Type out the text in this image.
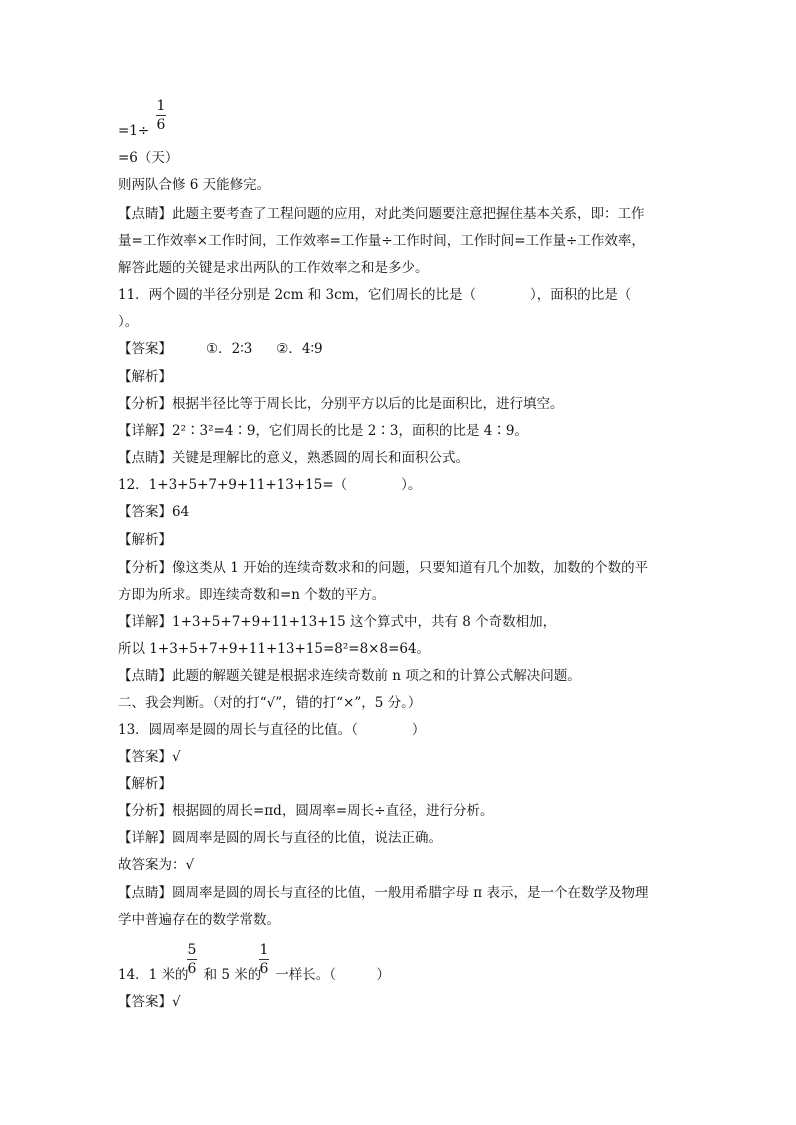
1
6
=1÷
=6（天）
则两队合修 6 天能修完。
【点睛】此题主要考查了工程问题的应用，对此类问题要注意把握住基本关系，即：工作
量=工作效率×工作时间，工作效率=工作量÷工作时间，工作时间=工作量÷工作效率，
解答此题的关键是求出两队的工作效率之和是多少。
11．两个圆的半径分别是 2cm 和 3cm，它们周长的比是（　　　　），面积的比是（
）。
【答案】	①．2∶3 ②．4∶9
【解析】
【分析】根据半径比等于周长比，分别平方以后的比是面积比，进行填空。
【详解】2²∶3²=4∶9，它们周长的比是 2∶3，面积的比是 4∶9。
【点睛】关键是理解比的意义，熟悉圆的周长和面积公式。
12．1+3+5+7+9+11+13+15=（　　　　）。
【答案】64
【解析】
【分析】像这类从 1 开始的连续奇数求和的问题，只要知道有几个加数，加数的个数的平
方即为所求。即连续奇数和=n 个数的平方。
【详解】1+3+5+7+9+11+13+15 这个算式中，共有 8 个奇数相加，
所以 1+3+5+7+9+11+13+15=8²=8×8=64。
【点睛】此题的解题关键是根据求连续奇数前 n 项之和的计算公式解决问题。
二、我会判断。（对的打“√”，错的打“×”，5 分。）
13．圆周率是圆的周长与直径的比值。（　　　　）
【答案】√
【解析】
【分析】根据圆的周长=πd，圆周率=周长÷直径，进行分析。
【详解】圆周率是圆的周长与直径的比值，说法正确。
故答案为：√
【点睛】圆周率是圆的周长与直径的比值，一般用希腊字母 π 表示，是一个在数学及物理
学中普遍存在的数学常数。
5
6
1
6
14．1 米的 和 5 米的 一样长。（　　　）
【答案】√
